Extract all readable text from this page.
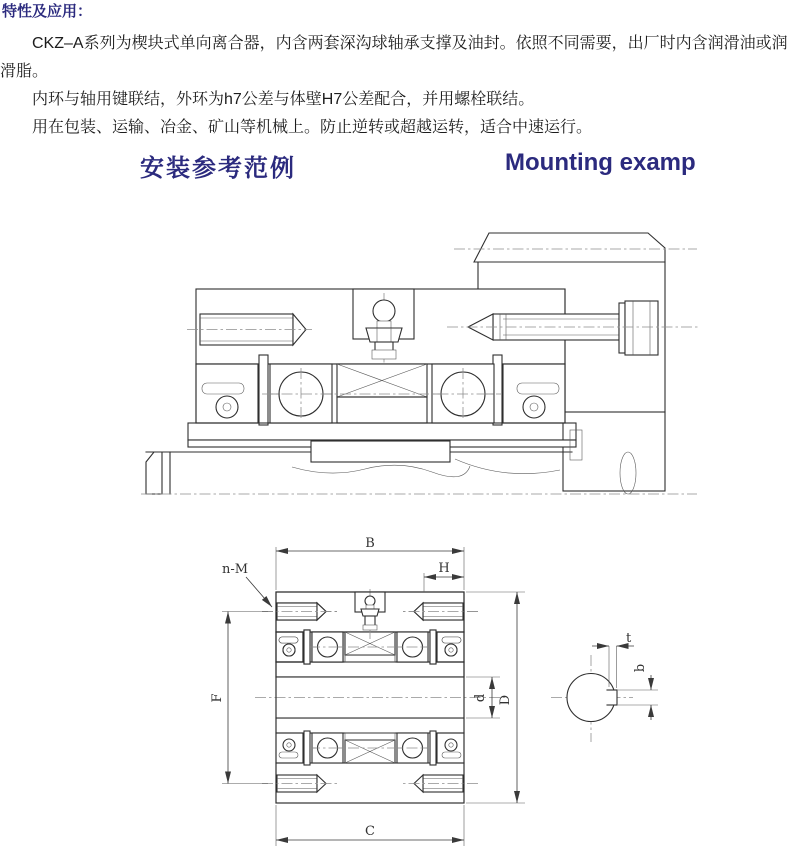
特性及应用：

CKZ–A系列为楔块式单向离合器，内含两套深沟球轴承支撑及油封。依照不同需要，出厂时内含润滑油或润滑脂。

内环与轴用键联结，外环为h7公差与体壁H7公差配合，并用螺栓联结。

用在包装、运输、冶金、矿山等机械上。防止逆转或超越运转，适合中速运行。

安装参考范例	Mounting examp
B
H
n-M
F	d D
C
t
b
